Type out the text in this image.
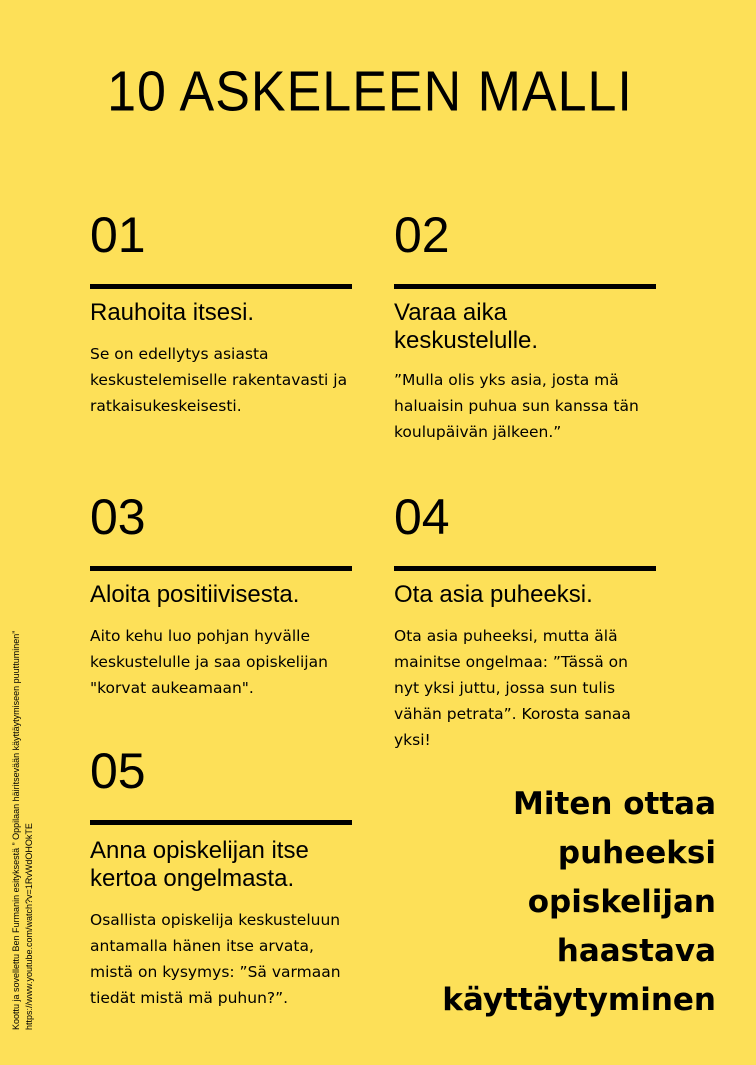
10 ASKELEEN MALLI
01
Rauhoita itsesi.
Se on edellytys asiasta keskustelemiselle rakentavasti ja ratkaisukeskeisesti.
02
Varaa aika keskustelulle.
”Mulla olis yks asia, josta mä haluaisin puhua sun kanssa tän koulupäivän jälkeen.”
03
Aloita positiivisesta.
Aito kehu luo pohjan hyvälle keskustelulle ja saa opiskelijan "korvat aukeamaan".
04
Ota asia puheeksi.
Ota asia puheeksi, mutta älä mainitse ongelmaa: ”Tässä on nyt yksi juttu, jossa sun tulis vähän petrata”. Korosta sanaa yksi!
05
Anna opiskelijan itse kertoa ongelmasta.
Osallista opiskelija keskusteluun antamalla hänen itse arvata, mistä on kysymys: ”Sä varmaan tiedät mistä mä puhun?”.
Miten ottaa puheeksi opiskelijan haastava käyttäytyminen
Koottu ja sovellettu Ben Furmanin esityksestä ” Oppilaan häiritsevään käyttäytymiseen puuttuminen” https://www.youtube.com/watch?v=1RvWdOHOkTE
